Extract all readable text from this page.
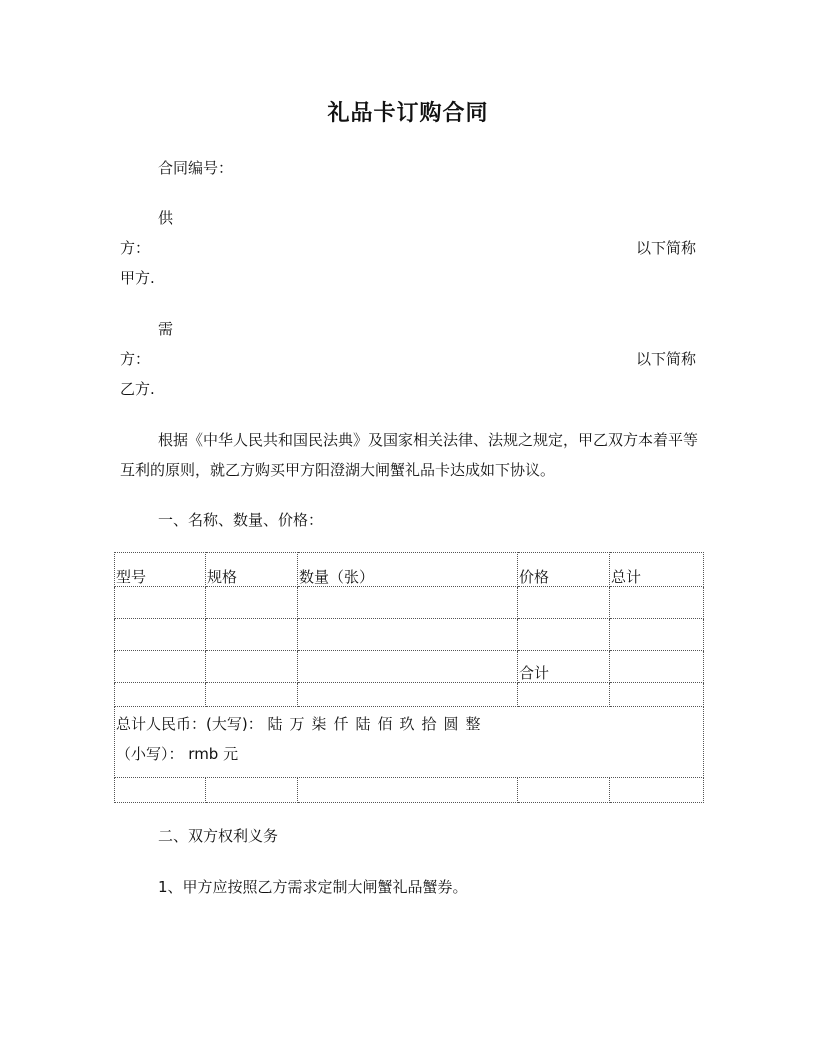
礼品卡订购合同
合同编号：
供
方：	以下简称
甲方.
需
方：	以下简称
乙方.
根据《中华人民共和国民法典》及国家相关法律、法规之规定，甲乙双方本着平等互利的原则，就乙方购买甲方阳澄湖大闸蟹礼品卡达成如下协议。
一、名称、数量、价格：
型号	规格	数量（张）	价格	总计

			合计	

总计人民币：(大写)： 陆万柒仟陆佰玖拾圆整
（小写）： rmb 元				

二、双方权利义务
1、甲方应按照乙方需求定制大闸蟹礼品蟹券。
